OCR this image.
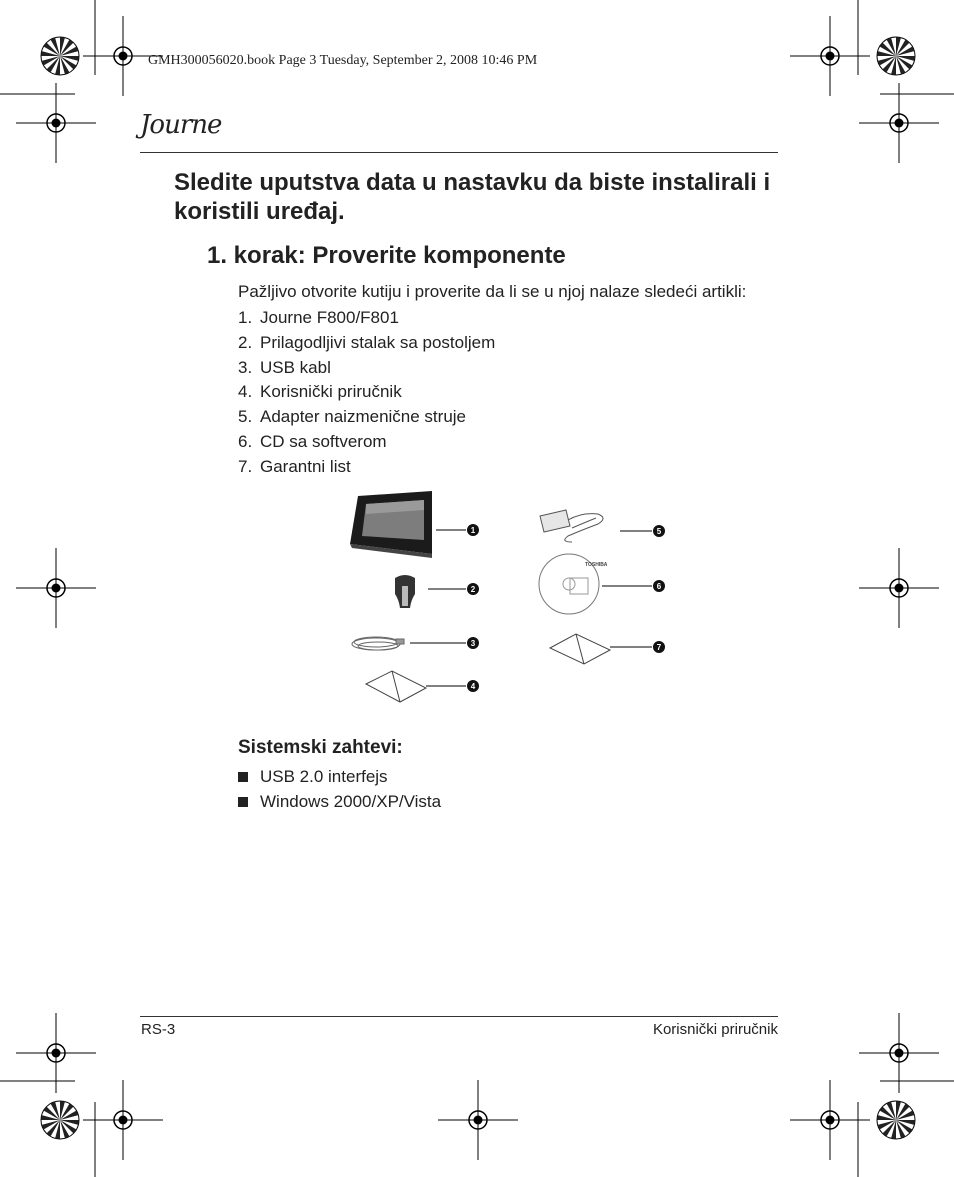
GMH300056020.book Page 3 Tuesday, September 2, 2008 10:46 PM
Journe
Sledite uputstva data u nastavku da biste instalirali i koristili uređaj.
1. korak: Proverite komponente
Pažljivo otvorite kutiju i proverite da li se u njoj nalaze sledeći artikli:
1. Journe F800/F801
2. Prilagodljivi stalak sa postoljem
3. USB kabl
4. Korisnički priručnik
5. Adapter naizmenične struje
6. CD sa softverom
7. Garantni list
1
2
3
4
5
TOSHIBA
6
7
Sistemski zahtevi:
USB 2.0 interfejs
Windows 2000/XP/Vista
RS-3	Korisnički priručnik
